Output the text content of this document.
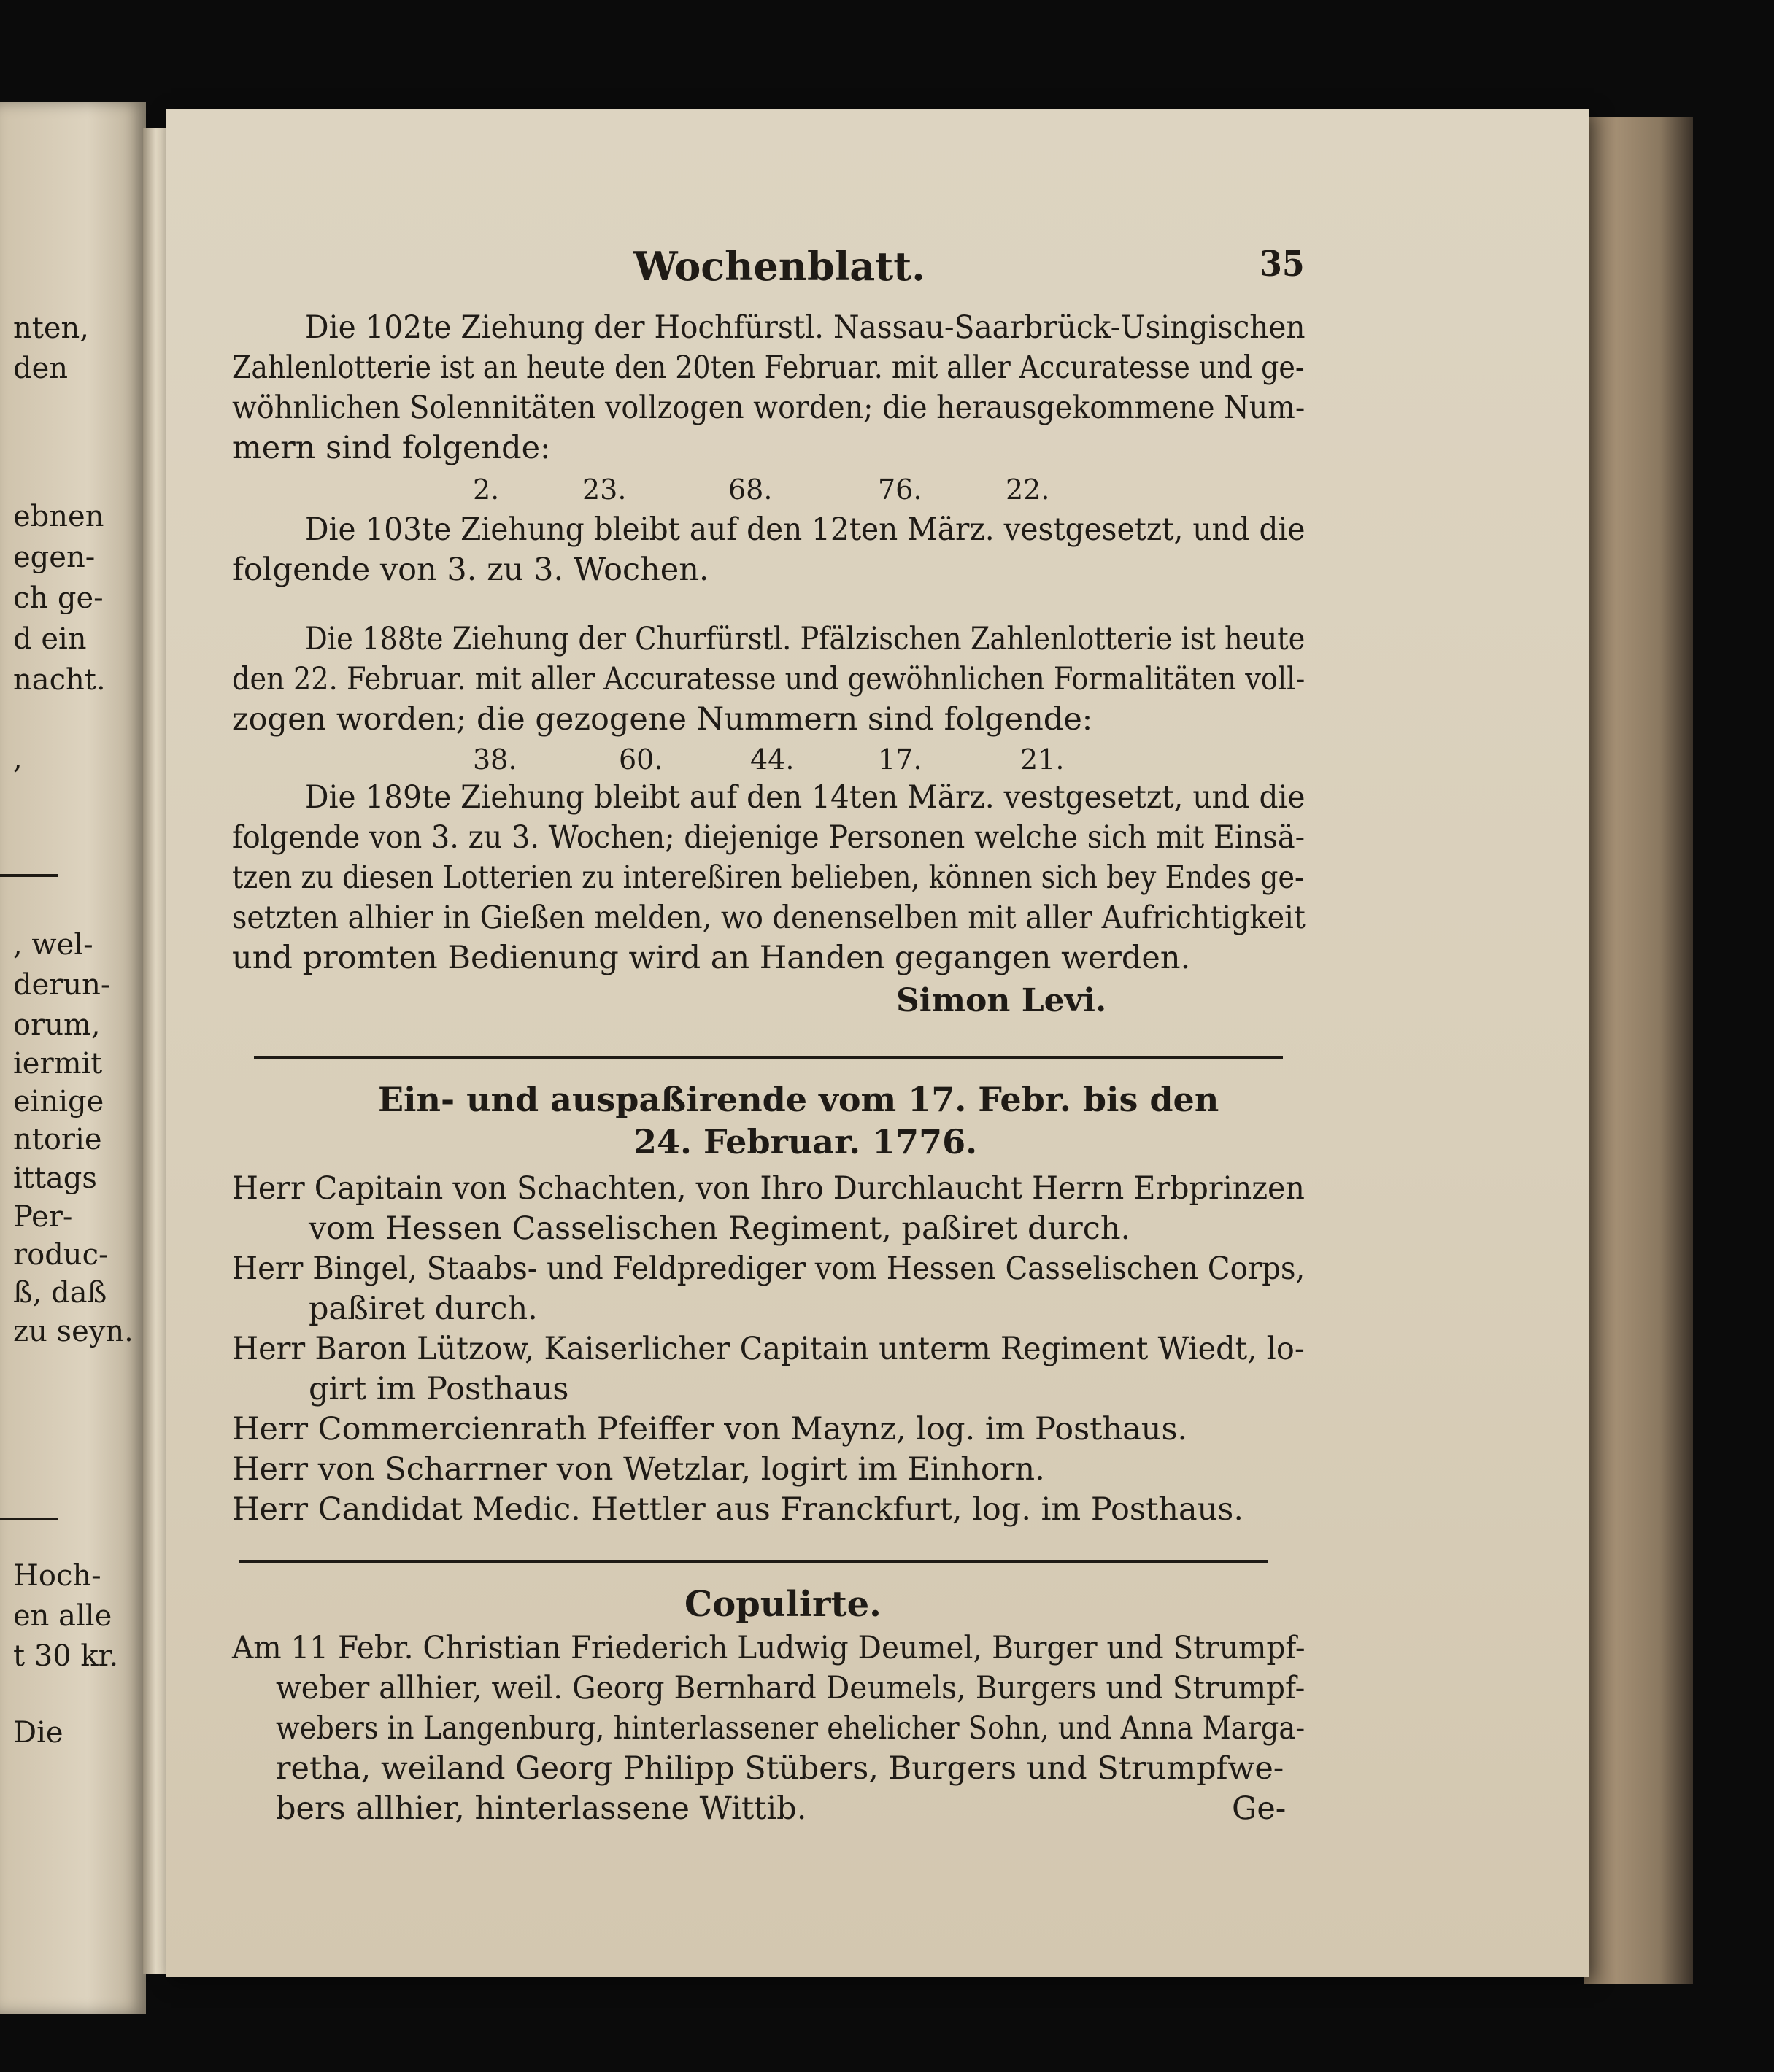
nten,
den
ebnen
egen-
ch ge-
d ein
nacht.
,
, wel-
derun-
orum,
iermit
einige
ntorie
ittags
Per-
roduc-
ß, daß
zu seyn.
Hoch-
en alle
t 30 kr.
Die
Wochenblatt.	35
Die 102te Ziehung der Hochfürstl. Nassau-Saarbrück-Usingischen
Zahlenlotterie ist an heute den 20ten Februar. mit aller Accuratesse und ge-
wöhnlichen Solennitäten vollzogen worden; die herausgekommene Num-
mern sind folgende:
2.	23.	68.	76.	22.
Die 103te Ziehung bleibt auf den 12ten März. vestgesetzt, und die
folgende von 3. zu 3. Wochen.
Die 188te Ziehung der Churfürstl. Pfälzischen Zahlenlotterie ist heute
den 22. Februar. mit aller Accuratesse und gewöhnlichen Formalitäten voll-
zogen worden; die gezogene Nummern sind folgende:
38.	60.	44.	17.	21.
Die 189te Ziehung bleibt auf den 14ten März. vestgesetzt, und die
folgende von 3. zu 3. Wochen; diejenige Personen welche sich mit Einsä-
tzen zu diesen Lotterien zu intereßiren belieben, können sich bey Endes ge-
setzten alhier in Gießen melden, wo denenselben mit aller Aufrichtigkeit
und promten Bedienung wird an Handen gegangen werden.
Simon Levi.
Ein- und auspaßirende vom 17. Febr. bis den
24. Februar. 1776.
Herr Capitain von Schachten, von Ihro Durchlaucht Herrn Erbprinzen
vom Hessen Casselischen Regiment, paßiret durch.
Herr Bingel, Staabs- und Feldprediger vom Hessen Casselischen Corps,
paßiret durch.
Herr Baron Lützow, Kaiserlicher Capitain unterm Regiment Wiedt, lo-
girt im Posthaus
Herr Commercienrath Pfeiffer von Maynz, log. im Posthaus.
Herr von Scharrner von Wetzlar, logirt im Einhorn.
Herr Candidat Medic. Hettler aus Franckfurt, log. im Posthaus.
Copulirte.
Am 11 Febr. Christian Friederich Ludwig Deumel, Burger und Strumpf-
weber allhier, weil. Georg Bernhard Deumels, Burgers und Strumpf-
webers in Langenburg, hinterlassener ehelicher Sohn, und Anna Marga-
retha, weiland Georg Philipp Stübers, Burgers und Strumpfwe-
bers allhier, hinterlassene Wittib.	Ge-
